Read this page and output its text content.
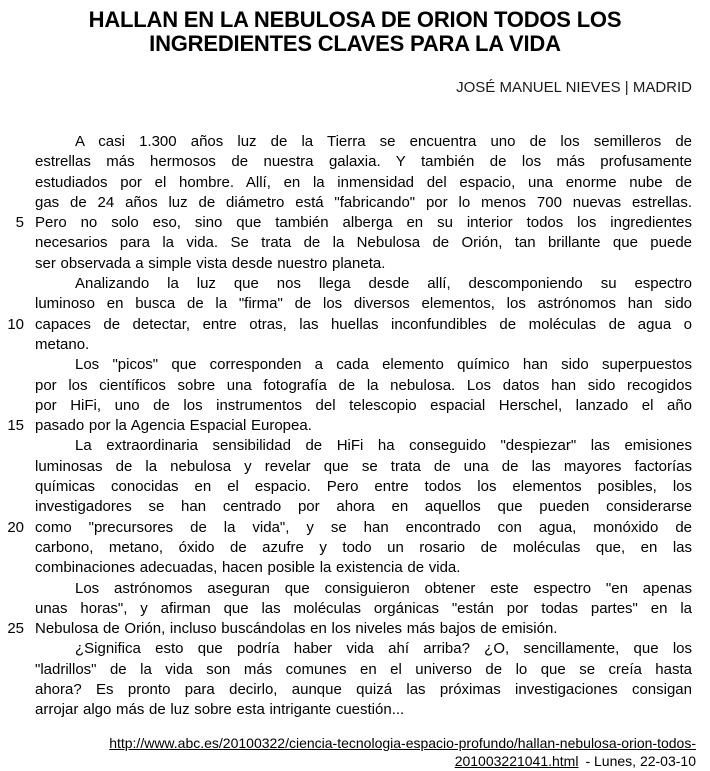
HALLAN EN LA NEBULOSA DE ORION TODOS LOS
INGREDIENTES CLAVES PARA LA VIDA
JOSÉ MANUEL NIEVES | MADRID
A casi 1.300 años luz de la Tierra se encuentra uno de los semilleros de
estrellas más hermosos de nuestra galaxia. Y también de los más profusamente
estudiados por el hombre. Allí, en la inmensidad del espacio, una enorme nube de
gas de 24 años luz de diámetro está "fabricando" por lo menos 700 nuevas estrellas.
5 Pero no solo eso, sino que también alberga en su interior todos los ingredientes
necesarios para la vida. Se trata de la Nebulosa de Orión, tan brillante que puede
ser observada a simple vista desde nuestro planeta.
Analizando la luz que nos llega desde allí, descomponiendo su espectro
luminoso en busca de la "firma" de los diversos elementos, los astrónomos han sido
10 capaces de detectar, entre otras, las huellas inconfundibles de moléculas de agua o
metano.
Los "picos" que corresponden a cada elemento químico han sido superpuestos
por los científicos sobre una fotografía de la nebulosa. Los datos han sido recogidos
por HiFi, uno de los instrumentos del telescopio espacial Herschel, lanzado el año
15 pasado por la Agencia Espacial Europea.
La extraordinaria sensibilidad de HiFi ha conseguido "despiezar" las emisiones
luminosas de la nebulosa y revelar que se trata de una de las mayores factorías
químicas conocidas en el espacio. Pero entre todos los elementos posibles, los
investigadores se han centrado por ahora en aquellos que pueden considerarse
20 como "precursores de la vida", y se han encontrado con agua, monóxido de
carbono, metano, óxido de azufre y todo un rosario de moléculas que, en las
combinaciones adecuadas, hacen posible la existencia de vida.
Los astrónomos aseguran que consiguieron obtener este espectro "en apenas
unas horas", y afirman que las moléculas orgánicas "están por todas partes" en la
25 Nebulosa de Orión, incluso buscándolas en los niveles más bajos de emisión.
¿Significa esto que podría haber vida ahí arriba? ¿O, sencillamente, que los
"ladrillos" de la vida son más comunes en el universo de lo que se creía hasta
ahora? Es pronto para decirlo, aunque quizá las próximas investigaciones consigan
arrojar algo más de luz sobre esta intrigante cuestión...
http://www.abc.es/20100322/ciencia-tecnologia-espacio-profundo/hallan-nebulosa-orion-todos-
201003221041.html - Lunes, 22-03-10
